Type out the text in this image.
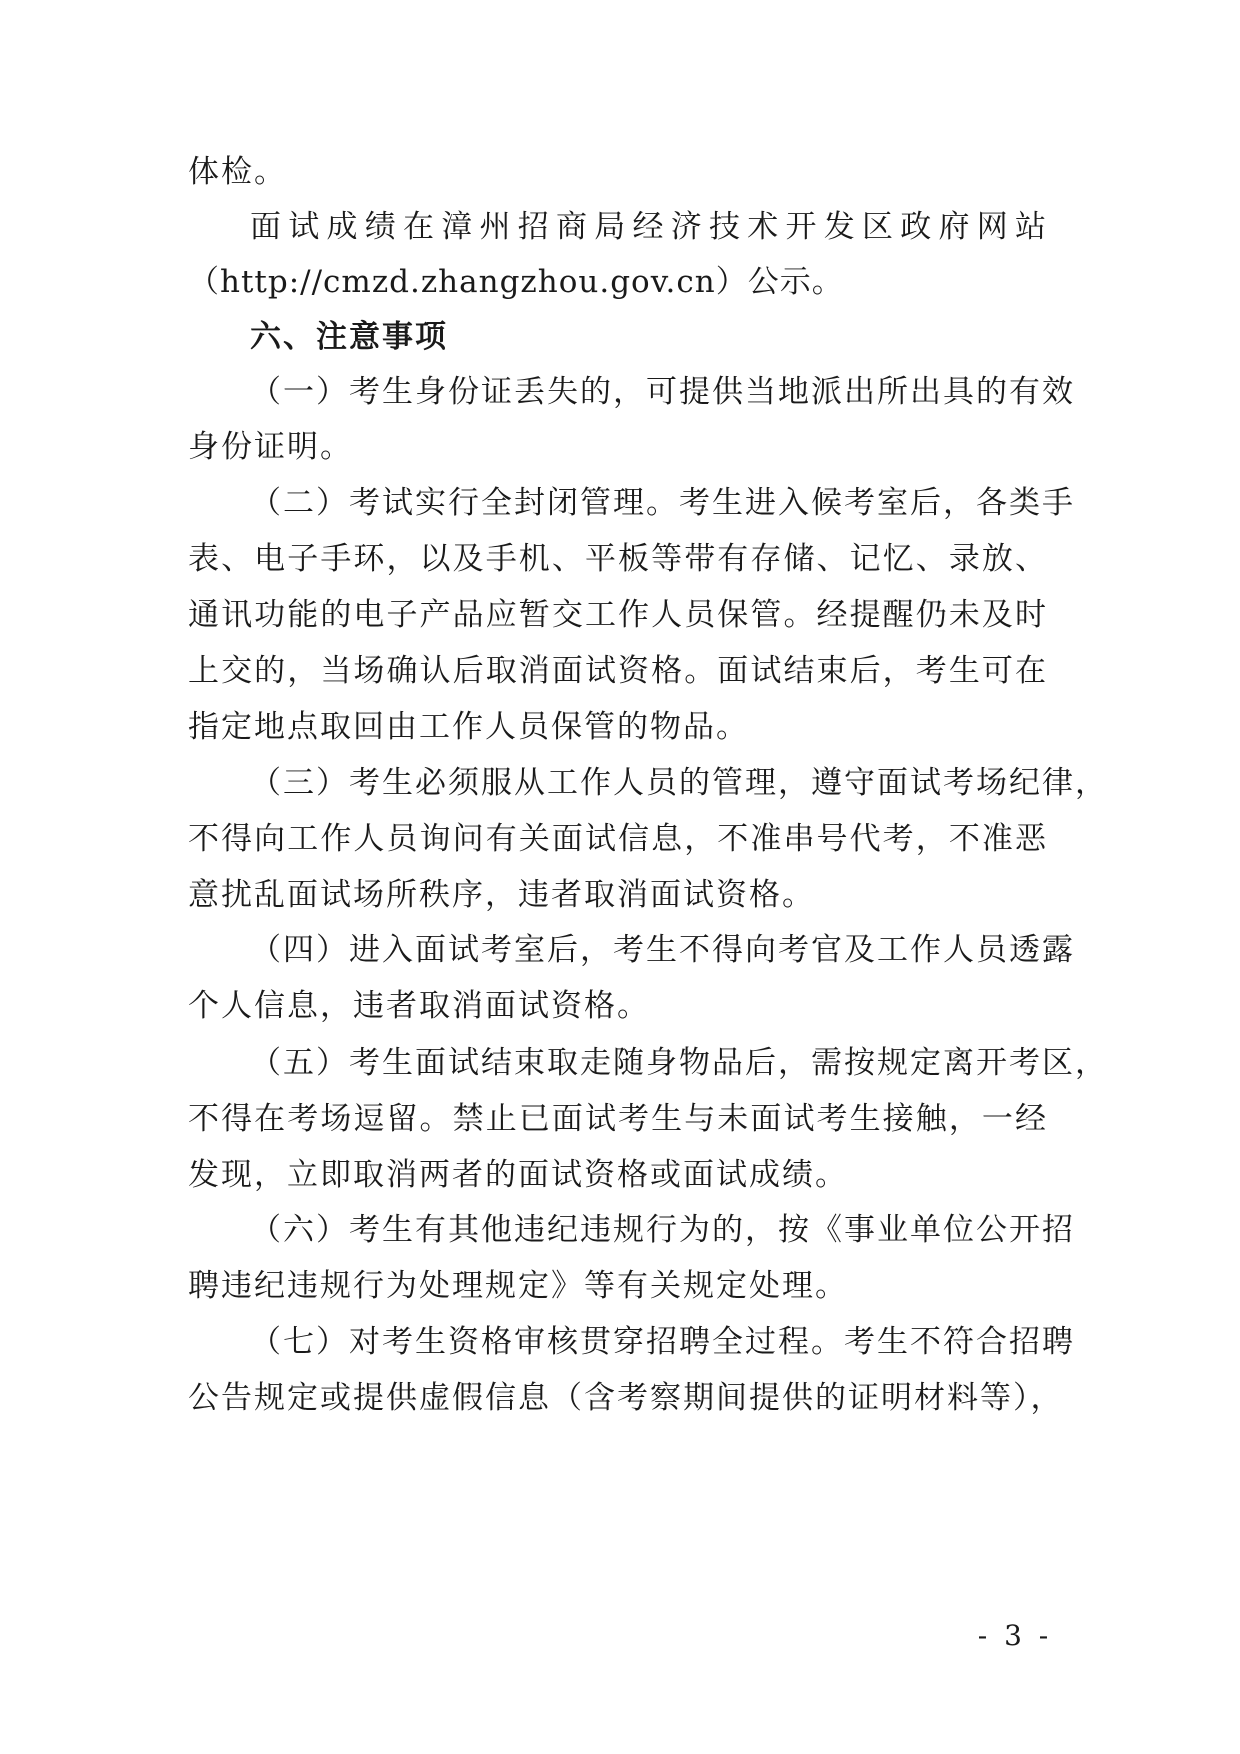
体检。
面试成绩在漳州招商局经济技术开发区政府网站
（http://cmzd.zhangzhou.gov.cn）公示。
六、注意事项
（一）考生身份证丢失的，可提供当地派出所出具的有效
身份证明。
（二）考试实行全封闭管理。考生进入候考室后，各类手
表、电子手环，以及手机、平板等带有存储、记忆、录放、
通讯功能的电子产品应暂交工作人员保管。经提醒仍未及时
上交的，当场确认后取消面试资格。面试结束后，考生可在
指定地点取回由工作人员保管的物品。
（三）考生必须服从工作人员的管理，遵守面试考场纪律，
不得向工作人员询问有关面试信息，不准串号代考，不准恶
意扰乱面试场所秩序，违者取消面试资格。
（四）进入面试考室后，考生不得向考官及工作人员透露
个人信息，违者取消面试资格。
（五）考生面试结束取走随身物品后，需按规定离开考区，
不得在考场逗留。禁止已面试考生与未面试考生接触，一经
发现，立即取消两者的面试资格或面试成绩。
（六）考生有其他违纪违规行为的，按《事业单位公开招
聘违纪违规行为处理规定》等有关规定处理。
（七）对考生资格审核贯穿招聘全过程。考生不符合招聘
公告规定或提供虚假信息（含考察期间提供的证明材料等），
- 3 -
